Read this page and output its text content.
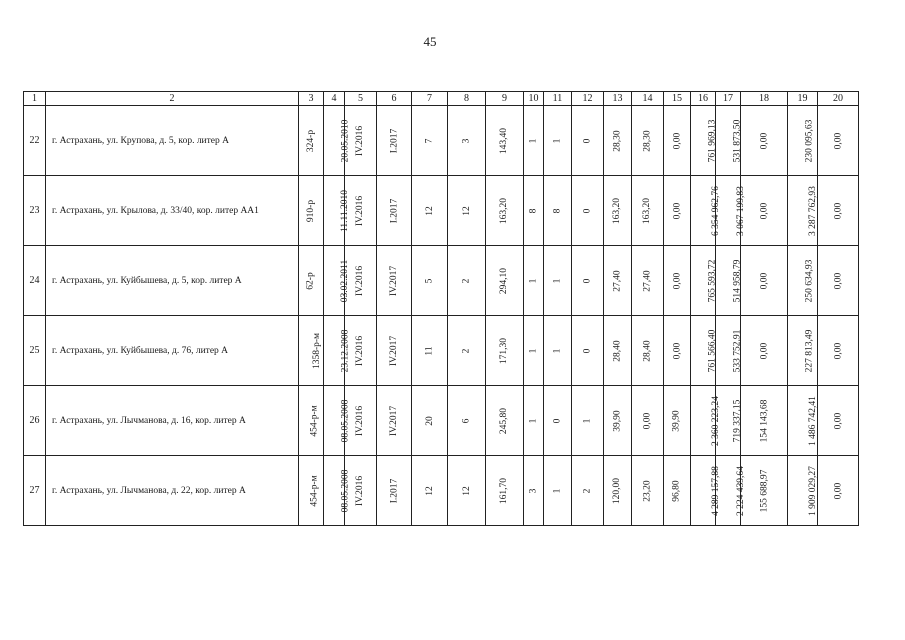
45
1	2	3	4	5	6	7	8	9	10	11	12	13	14	15	16	17	18	19	20
22	г. Астрахань, ул. Крупова, д. 5, кор. литер А	324-р	20.05.2010	IV.2016	I.2017	7	3	143,40	1	1	0	28,30	28,30	0,00	761 969,13	531 873,50	0,00	230 095,63	0,00
23	г. Астрахань, ул. Крылова, д. 33/40, кор. литер АА1	910-р	11.11.2010	IV.2016	I.2017	12	12	163,20	8	8	0	163,20	163,20	0,00	6 354 962,76	3 067 199,83	0,00	3 287 762,93	0,00
24	г. Астрахань, ул. Куйбышева, д. 5, кор. литер А	62-р	03.02.2011	IV.2016	IV.2017	5	2	294,10	1	1	0	27,40	27,40	0,00	765 593,72	514 958,79	0,00	250 634,93	0,00
25	г. Астрахань, ул. Куйбышева, д. 76, литер А	1358-р-м	23.12.2008	IV.2016	IV.2017	11	2	171,30	1	1	0	28,40	28,40	0,00	761 566,40	533 752,91	0,00	227 813,49	0,00
26	г. Астрахань, ул. Лычманова, д. 16, кор. литер А	454-р-м	08.05.2008	IV.2016	IV.2017	20	6	245,80	1	0	1	39,90	0,00	39,90	2 360 223,24	719 337,15	154 143,68	1 486 742,41	0,00
27	г. Астрахань, ул. Лычманова, д. 22, кор. литер А	454-р-м	08.05.2008	IV.2016	I.2017	12	12	161,70	3	1	2	120,00	23,20	96,80	4 289 157,88	2 224 439,64	155 688,97	1 909 029,27	0,00
